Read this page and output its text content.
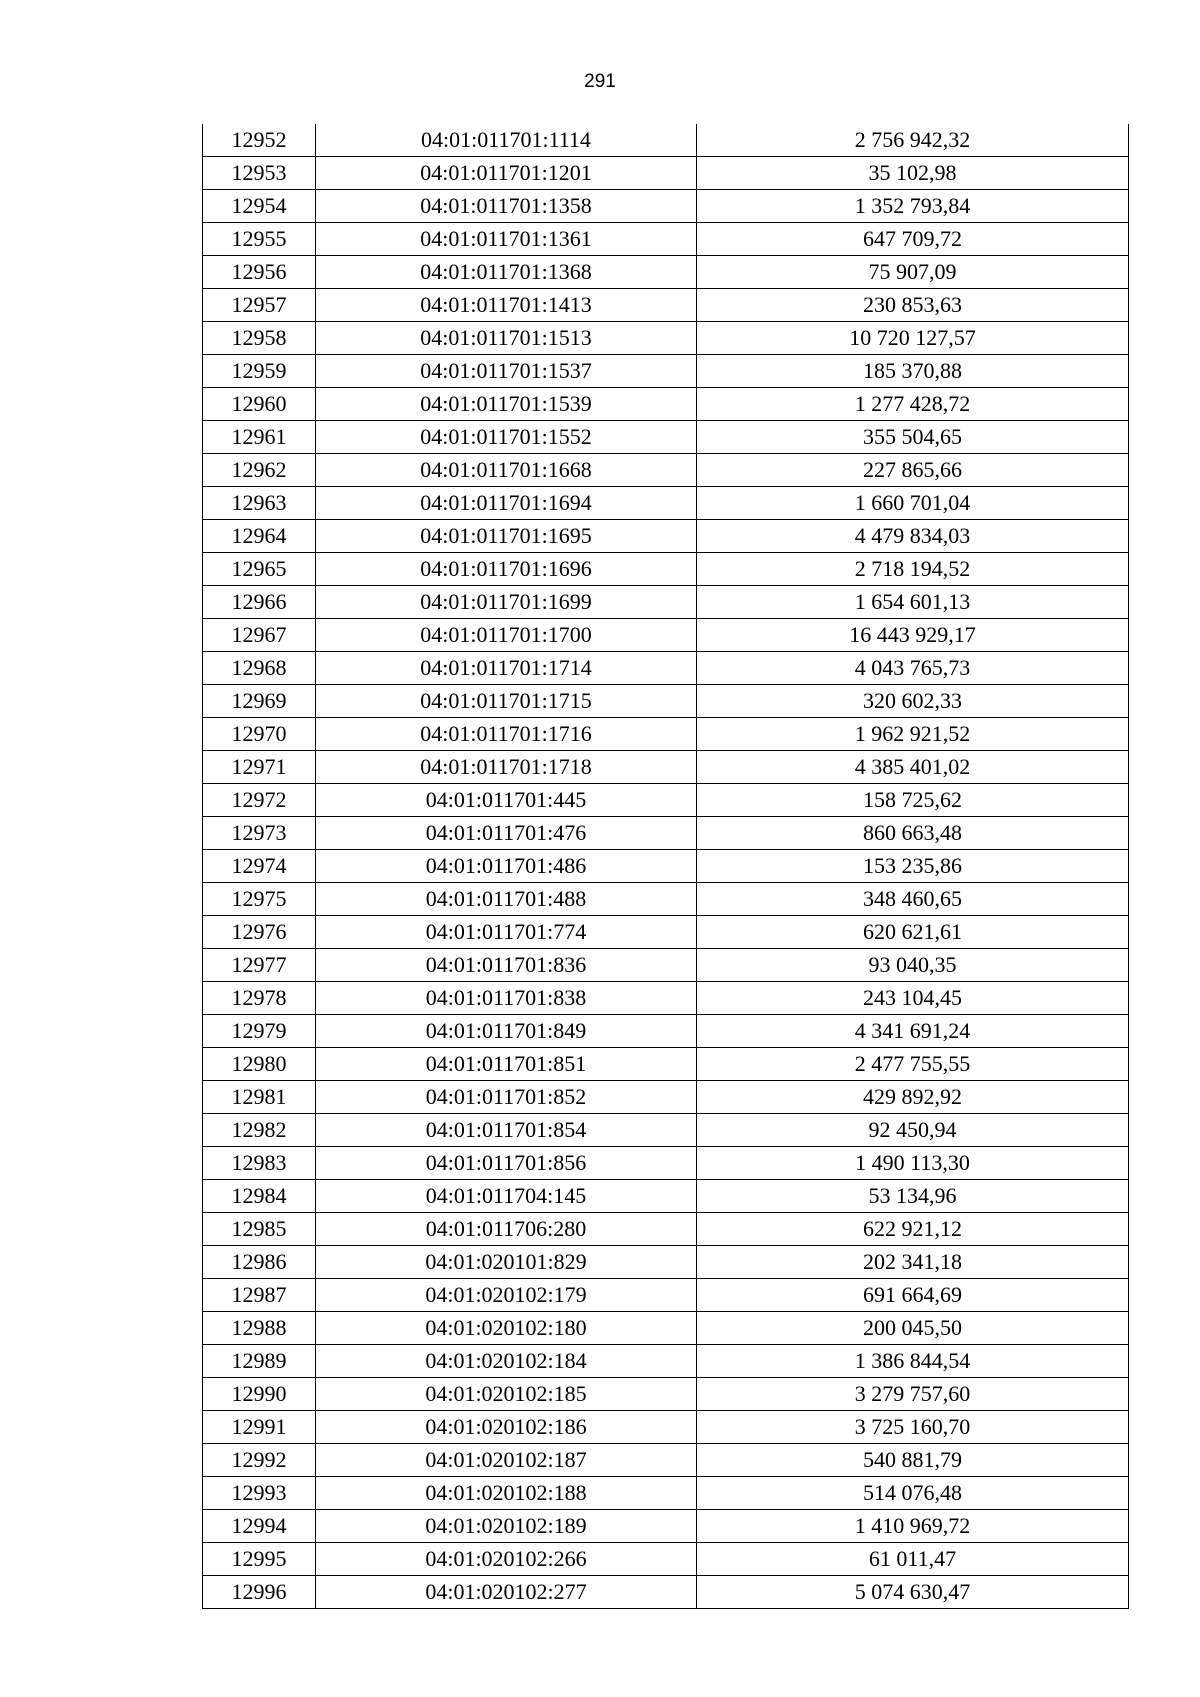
291
12952	04:01:011701:1114	2 756 942,32
12953	04:01:011701:1201	35 102,98
12954	04:01:011701:1358	1 352 793,84
12955	04:01:011701:1361	647 709,72
12956	04:01:011701:1368	75 907,09
12957	04:01:011701:1413	230 853,63
12958	04:01:011701:1513	10 720 127,57
12959	04:01:011701:1537	185 370,88
12960	04:01:011701:1539	1 277 428,72
12961	04:01:011701:1552	355 504,65
12962	04:01:011701:1668	227 865,66
12963	04:01:011701:1694	1 660 701,04
12964	04:01:011701:1695	4 479 834,03
12965	04:01:011701:1696	2 718 194,52
12966	04:01:011701:1699	1 654 601,13
12967	04:01:011701:1700	16 443 929,17
12968	04:01:011701:1714	4 043 765,73
12969	04:01:011701:1715	320 602,33
12970	04:01:011701:1716	1 962 921,52
12971	04:01:011701:1718	4 385 401,02
12972	04:01:011701:445	158 725,62
12973	04:01:011701:476	860 663,48
12974	04:01:011701:486	153 235,86
12975	04:01:011701:488	348 460,65
12976	04:01:011701:774	620 621,61
12977	04:01:011701:836	93 040,35
12978	04:01:011701:838	243 104,45
12979	04:01:011701:849	4 341 691,24
12980	04:01:011701:851	2 477 755,55
12981	04:01:011701:852	429 892,92
12982	04:01:011701:854	92 450,94
12983	04:01:011701:856	1 490 113,30
12984	04:01:011704:145	53 134,96
12985	04:01:011706:280	622 921,12
12986	04:01:020101:829	202 341,18
12987	04:01:020102:179	691 664,69
12988	04:01:020102:180	200 045,50
12989	04:01:020102:184	1 386 844,54
12990	04:01:020102:185	3 279 757,60
12991	04:01:020102:186	3 725 160,70
12992	04:01:020102:187	540 881,79
12993	04:01:020102:188	514 076,48
12994	04:01:020102:189	1 410 969,72
12995	04:01:020102:266	61 011,47
12996	04:01:020102:277	5 074 630,47
